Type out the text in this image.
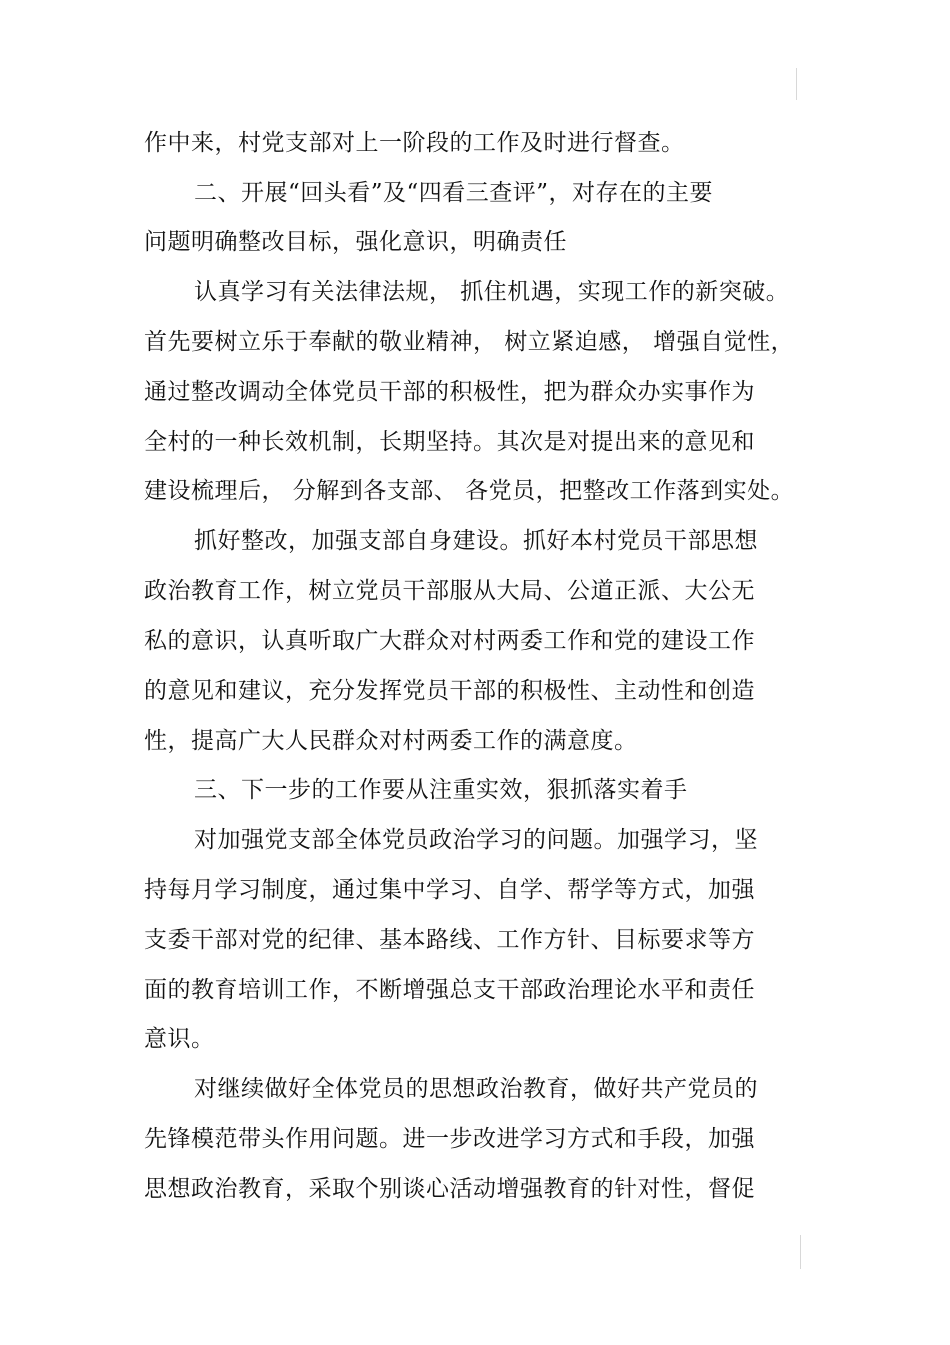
作中来，村党支部对上一阶段的工作及时进行督查。
二、开展“回头看”及“四看三查评”，对存在的主要
问题明确整改目标，强化意识，明确责任
认真学习有关法律法规， 抓住机遇，实现工作的新突破。
首先要树立乐于奉献的敬业精神， 树立紧迫感， 增强自觉性，
通过整改调动全体党员干部的积极性，把为群众办实事作为
全村的一种长效机制，长期坚持。其次是对提出来的意见和
建设梳理后， 分解到各支部、 各党员，把整改工作落到实处。
抓好整改，加强支部自身建设。抓好本村党员干部思想
政治教育工作，树立党员干部服从大局、公道正派、大公无
私的意识，认真听取广大群众对村两委工作和党的建设工作
的意见和建议，充分发挥党员干部的积极性、主动性和创造
性，提高广大人民群众对村两委工作的满意度。
三、下一步的工作要从注重实效，狠抓落实着手
对加强党支部全体党员政治学习的问题。加强学习，坚
持每月学习制度，通过集中学习、自学、帮学等方式，加强
支委干部对党的纪律、基本路线、工作方针、目标要求等方
面的教育培训工作，不断增强总支干部政治理论水平和责任
意识。
对继续做好全体党员的思想政治教育，做好共产党员的
先锋模范带头作用问题。进一步改进学习方式和手段，加强
思想政治教育，采取个别谈心活动增强教育的针对性，督促
